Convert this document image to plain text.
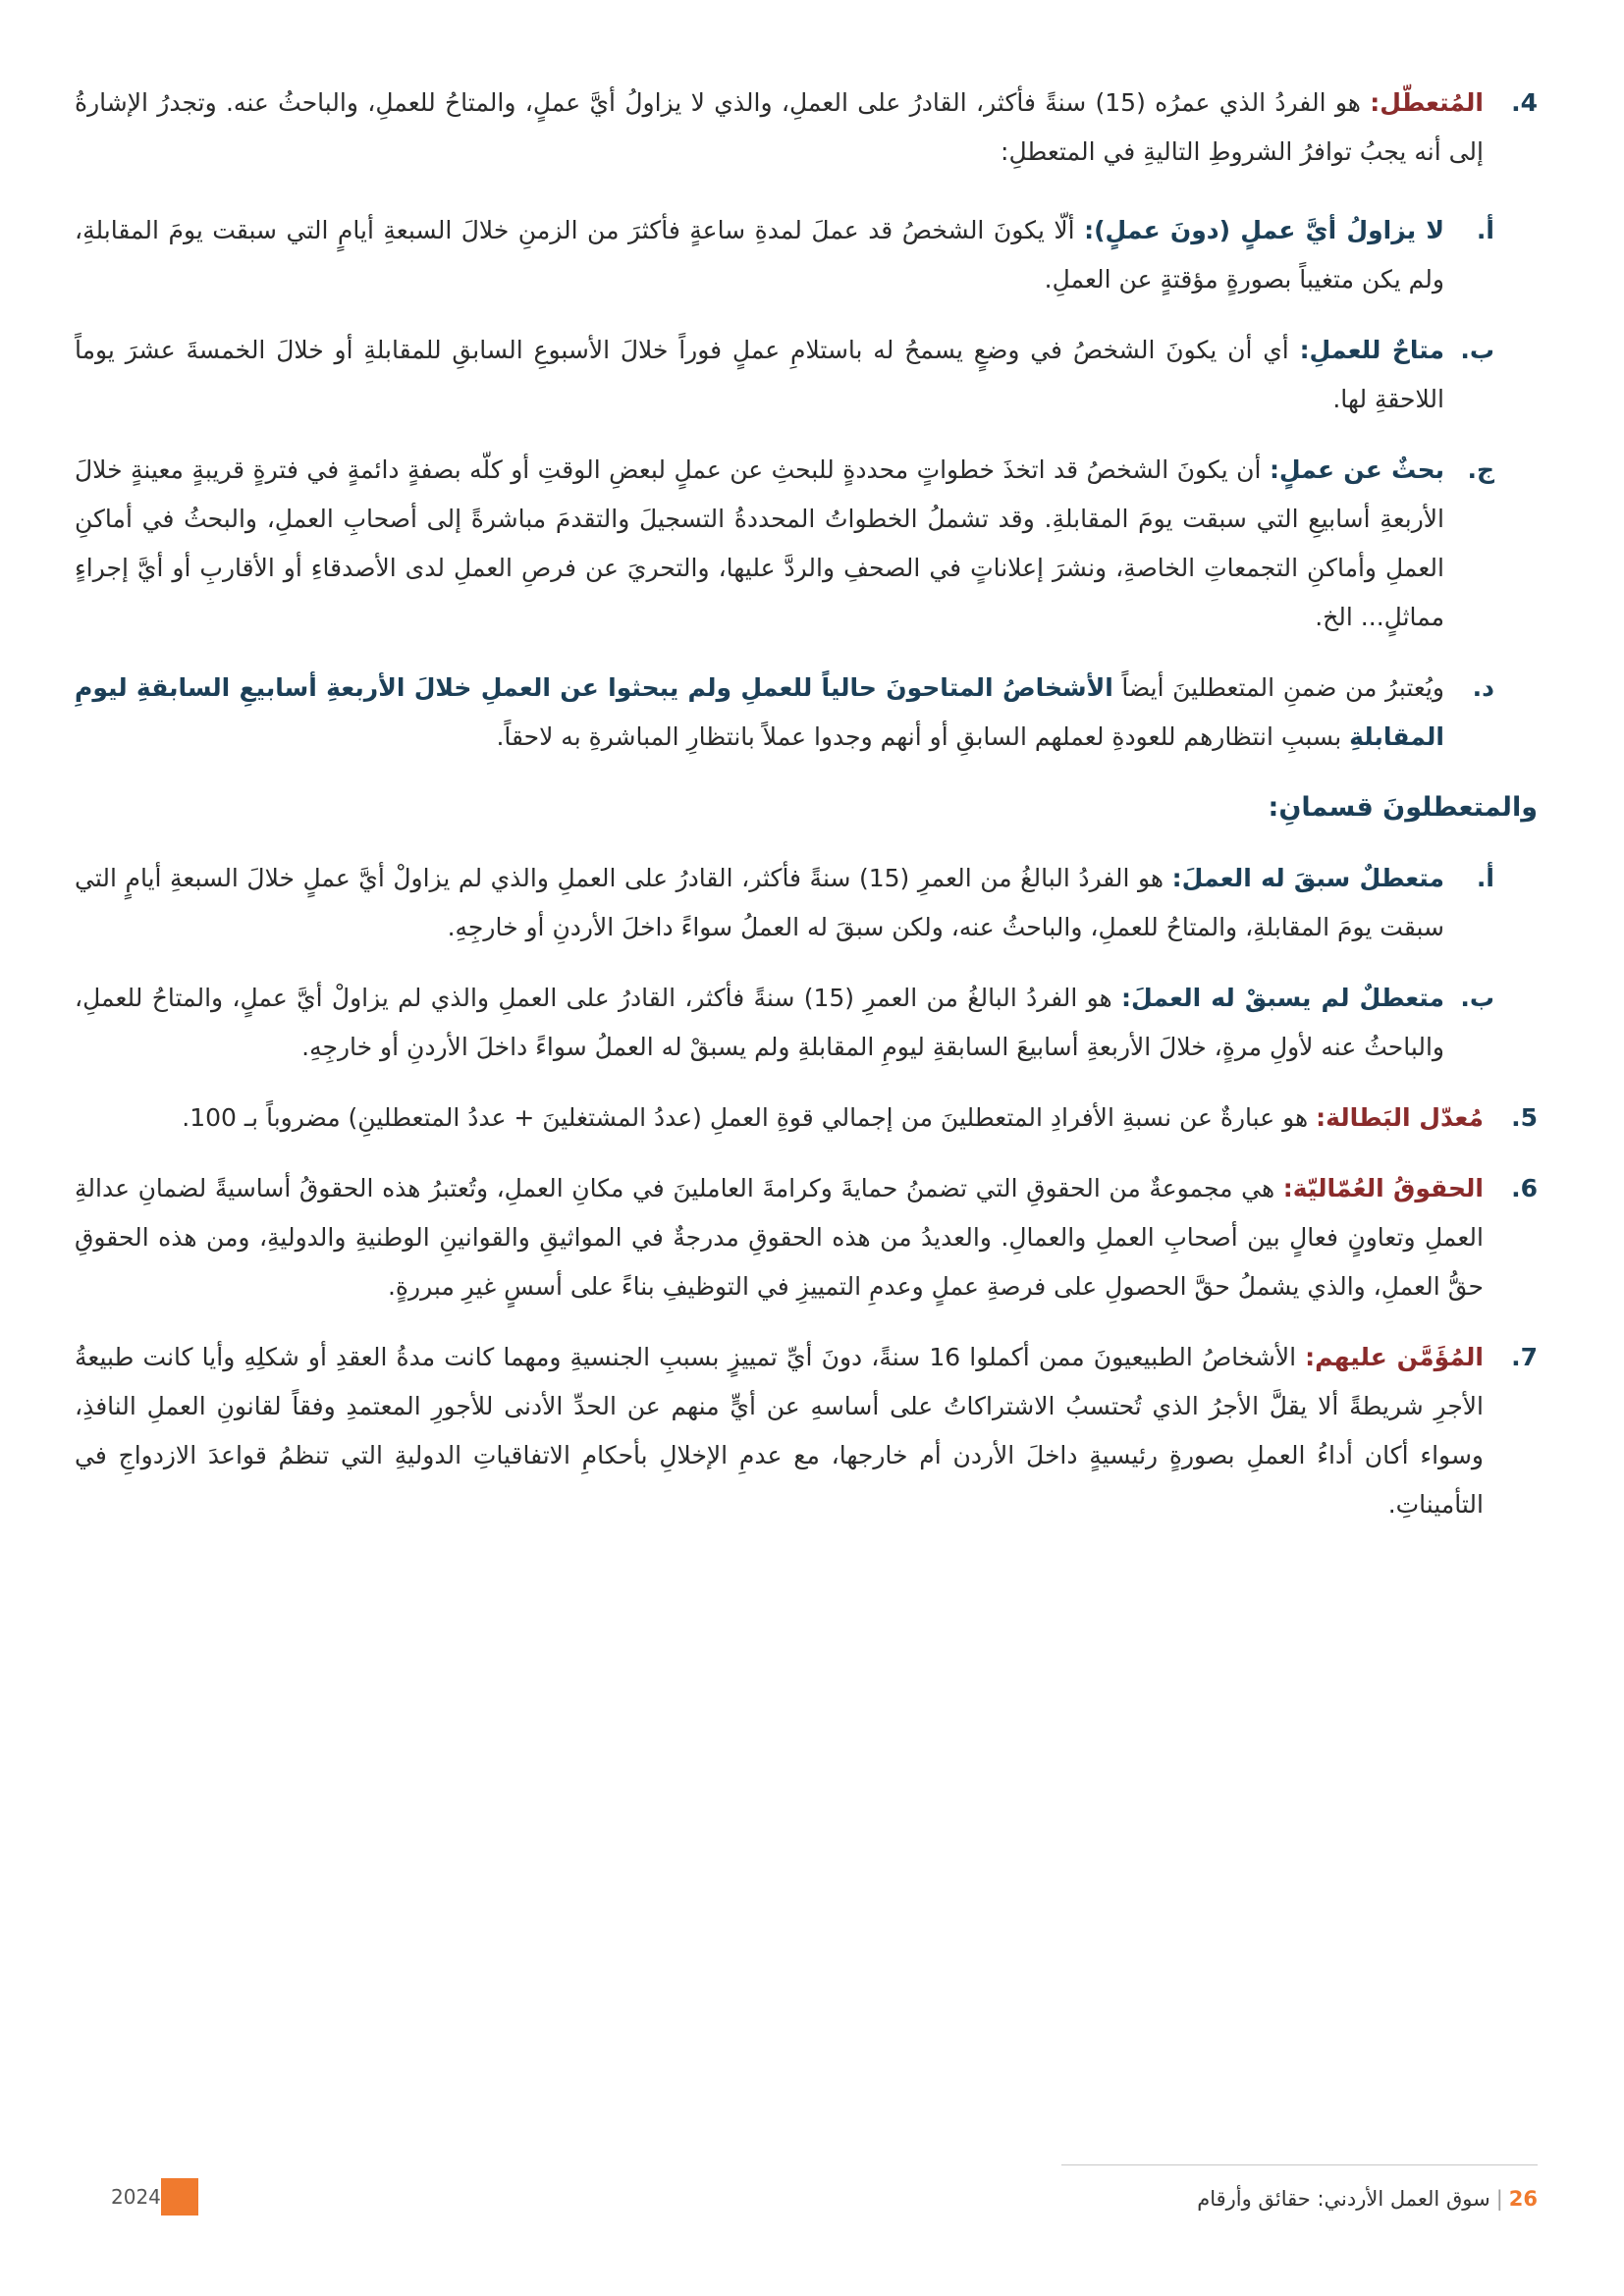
4.
المُتعطّل: هو الفردُ الذي عمرُه (15) سنةً فأكثر، القادرُ على العملِ، والذي لا يزاولُ أيَّ عملٍ، والمتاحُ للعملِ، والباحثُ عنه. وتجدرُ الإشارةُ إلى أنه يجبُ توافرُ الشروطِ التاليةِ في المتعطلِ:

أ.
لا يزاولُ أيَّ عملٍ (دونَ عملٍ): ألّا يكونَ الشخصُ قد عملَ لمدةِ ساعةٍ فأكثرَ من الزمنِ خلالَ السبعةِ أيامٍ التي سبقت يومَ المقابلةِ، ولم يكن متغيباً بصورةٍ مؤقتةٍ عن العملِ.

ب.
متاحٌ للعملِ: أي أن يكونَ الشخصُ في وضعٍ يسمحُ له باستلامِ عملٍ فوراً خلالَ الأسبوعِ السابقِ للمقابلةِ أو خلالَ الخمسةَ عشرَ يوماً اللاحقةِ لها.

ج.
بحثٌ عن عملٍ: أن يكونَ الشخصُ قد اتخذَ خطواتٍ محددةٍ للبحثِ عن عملٍ لبعضِ الوقتِ أو كلّه بصفةٍ دائمةٍ في فترةٍ قريبةٍ معينةٍ خلالَ الأربعةِ أسابيعِ التي سبقت يومَ المقابلةِ. وقد تشملُ الخطواتُ المحددةُ التسجيلَ والتقدمَ مباشرةً إلى أصحابِ العملِ، والبحثُ في أماكنِ العملِ وأماكنِ التجمعاتِ الخاصةِ، ونشرَ إعلاناتٍ في الصحفِ والردَّ عليها، والتحريَ عن فرصِ العملِ لدى الأصدقاءِ أو الأقاربِ أو أيَّ إجراءٍ مماثلٍ... الخ.

د.
ويُعتبرُ من ضمنِ المتعطلينَ أيضاً الأشخاصُ المتاحونَ حالياً للعملِ ولم يبحثوا عن العملِ خلالَ الأربعةِ أسابيعِ السابقةِ ليومِ المقابلةِ بسببِ انتظارهم للعودةِ لعملهم السابقِ أو أنهم وجدوا عملاً بانتظارِ المباشرةِ به لاحقاً.

والمتعطلونَ قسمانِ:

أ.
متعطلٌ سبقَ له العملَ: هو الفردُ البالغُ من العمرِ (15) سنةً فأكثر، القادرُ على العملِ والذي لم يزاولْ أيَّ عملٍ خلالَ السبعةِ أيامٍ التي سبقت يومَ المقابلةِ، والمتاحُ للعملِ، والباحثُ عنه، ولكن سبقَ له العملُ سواءً داخلَ الأردنِ أو خارجِهِ.

ب.
متعطلٌ لم يسبقْ له العملَ: هو الفردُ البالغُ من العمرِ (15) سنةً فأكثر، القادرُ على العملِ والذي لم يزاولْ أيَّ عملٍ، والمتاحُ للعملِ، والباحثُ عنه لأولِ مرةٍ، خلالَ الأربعةِ أسابيعَ السابقةِ ليومِ المقابلةِ ولم يسبقْ له العملُ سواءً داخلَ الأردنِ أو خارجِهِ.

5.
مُعدّل البَطالة: هو عبارةٌ عن نسبةِ الأفرادِ المتعطلينَ من إجمالي قوةِ العملِ (عددُ المشتغلينَ + عددُ المتعطلينِ) مضروباً بـ 100.

6.
الحقوقُ العُمّاليّة: هي مجموعةٌ من الحقوقِ التي تضمنُ حمايةَ وكرامةَ العاملينَ في مكانِ العملِ، وتُعتبرُ هذه الحقوقُ أساسيةً لضمانِ عدالةِ العملِ وتعاونٍ فعالٍ بين أصحابِ العملِ والعمالِ. والعديدُ من هذه الحقوقِ مدرجةٌ في المواثيقِ والقوانينِ الوطنيةِ والدوليةِ، ومن هذه الحقوقِ حقُّ العملِ، والذي يشملُ حقَّ الحصولِ على فرصةِ عملٍ وعدمِ التمييزِ في التوظيفِ بناءً على أسسٍ غيرِ مبررةٍ.

7.
المُؤَمَّن عليهم: الأشخاصُ الطبيعيونَ ممن أكملوا 16 سنةً، دونَ أيِّ تمييزٍ بسببِ الجنسيةِ ومهما كانت مدةُ العقدِ أو شكلِهِ وأيا كانت طبيعةُ الأجرِ شريطةً ألا يقلَّ الأجرُ الذي تُحتسبُ الاشتراكاتُ على أساسهِ عن أيٍّ منهم عن الحدِّ الأدنى للأجورِ المعتمدِ وفقاً لقانونِ العملِ النافذِ، وسواء أكان أداءُ العملِ بصورةٍ رئيسيةٍ داخلَ الأردن أم خارجها، مع عدمِ الإخلالِ بأحكامِ الاتفاقياتِ الدوليةِ التي تنظمُ قواعدَ الازدواجِ في التأميناتِ.

26|سوق العمل الأردني: حقائق وأرقام
2024
